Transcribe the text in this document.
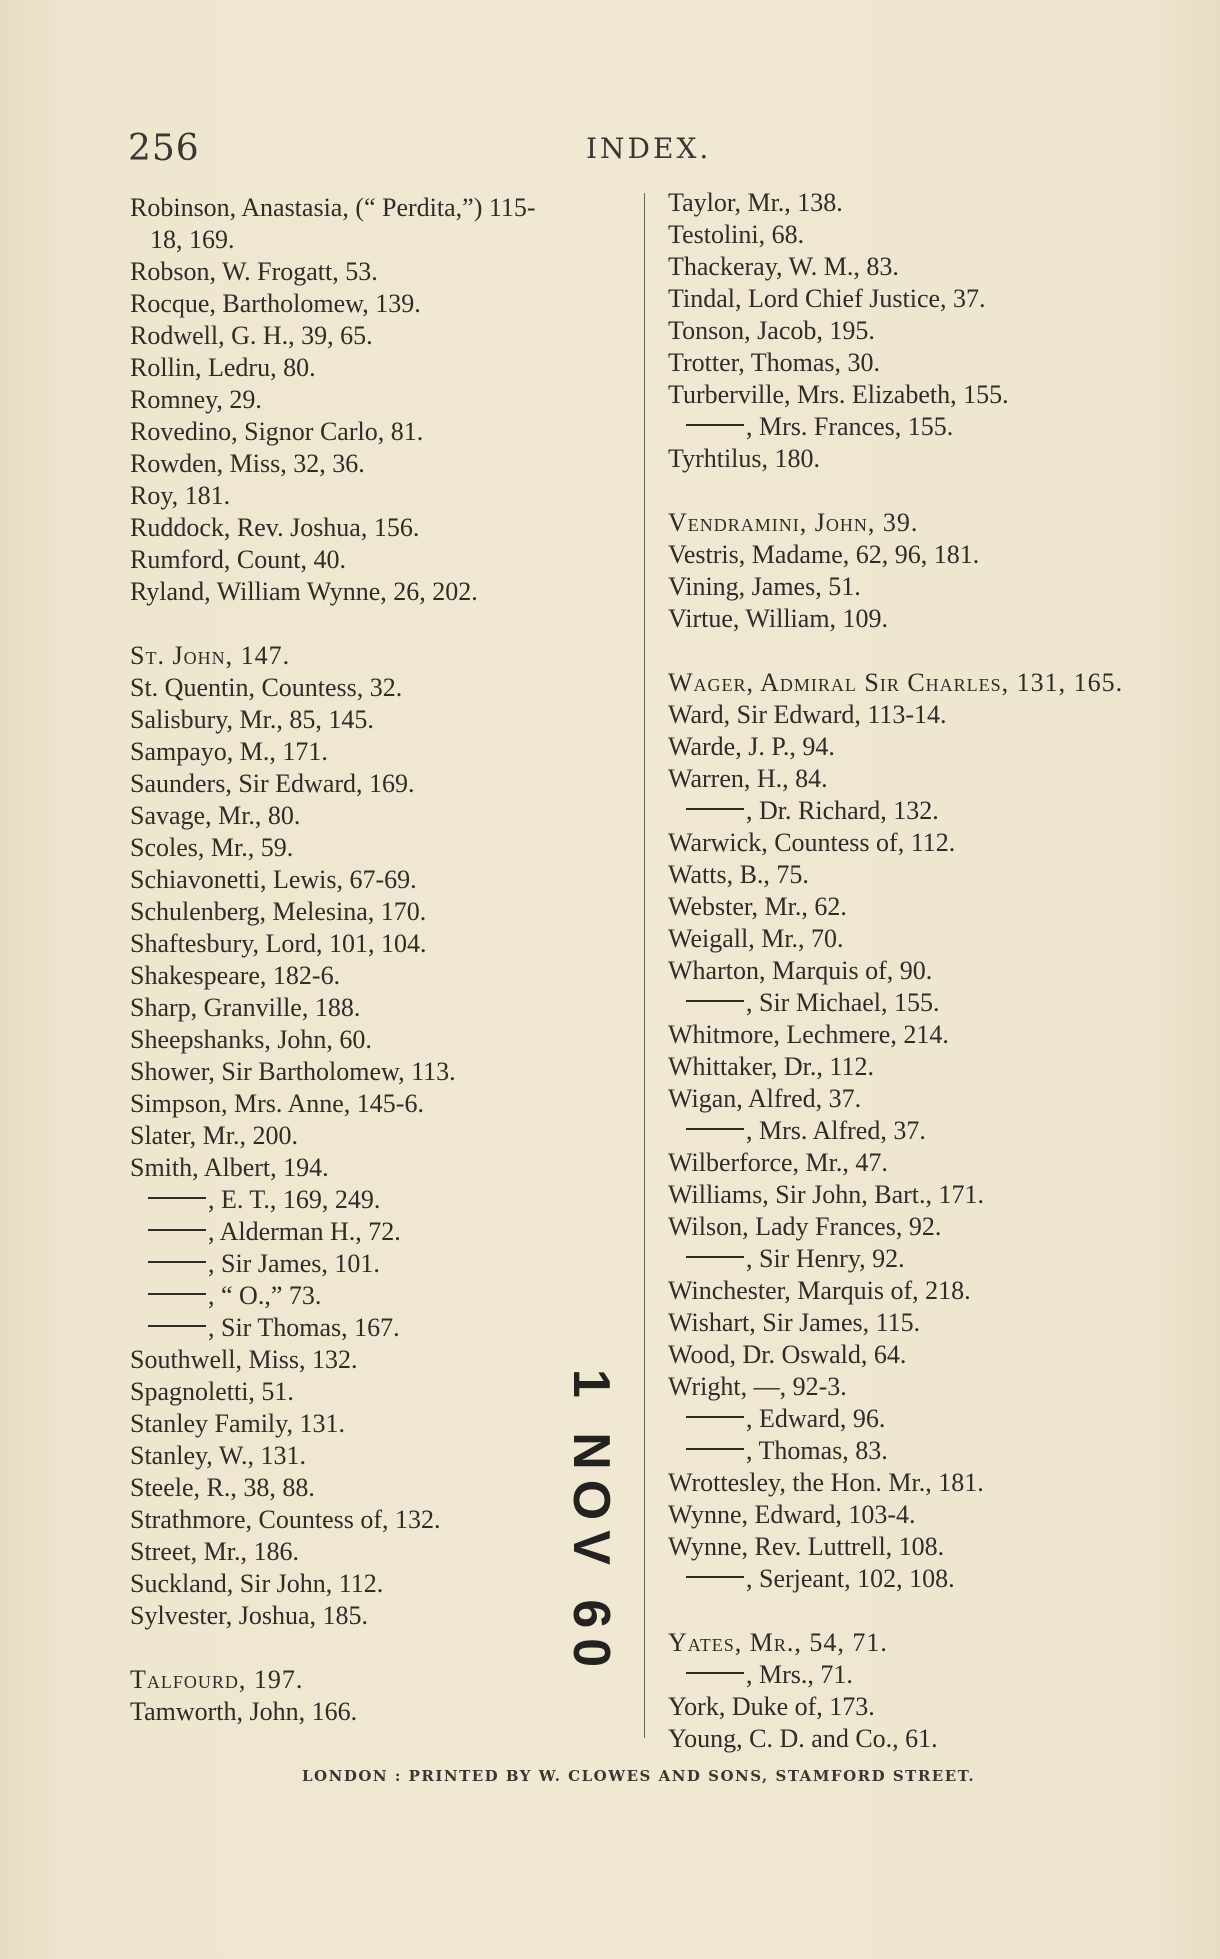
256	INDEX.
Robinson, Anastasia, (“ Perdita,”) 115-
18, 169.
Robson, W. Frogatt, 53.
Rocque, Bartholomew, 139.
Rodwell, G. H., 39, 65.
Rollin, Ledru, 80.
Romney, 29.
Rovedino, Signor Carlo, 81.
Rowden, Miss, 32, 36.
Roy, 181.
Ruddock, Rev. Joshua, 156.
Rumford, Count, 40.
Ryland, William Wynne, 26, 202.
St. John, 147.
St. Quentin, Countess, 32.
Salisbury, Mr., 85, 145.
Sampayo, M., 171.
Saunders, Sir Edward, 169.
Savage, Mr., 80.
Scoles, Mr., 59.
Schiavonetti, Lewis, 67-69.
Schulenberg, Melesina, 170.
Shaftesbury, Lord, 101, 104.
Shakespeare, 182-6.
Sharp, Granville, 188.
Sheepshanks, John, 60.
Shower, Sir Bartholomew, 113.
Simpson, Mrs. Anne, 145-6.
Slater, Mr., 200.
Smith, Albert, 194.
, E. T., 169, 249.
, Alderman H., 72.
, Sir James, 101.
, “ O.,” 73.
, Sir Thomas, 167.
Southwell, Miss, 132.
Spagnoletti, 51.
Stanley Family, 131.
Stanley, W., 131.
Steele, R., 38, 88.
Strathmore, Countess of, 132.
Street, Mr., 186.
Suckland, Sir John, 112.
Sylvester, Joshua, 185.
Talfourd, 197.
Tamworth, John, 166.
Taylor, Mr., 138.
Testolini, 68.
Thackeray, W. M., 83.
Tindal, Lord Chief Justice, 37.
Tonson, Jacob, 195.
Trotter, Thomas, 30.
Turberville, Mrs. Elizabeth, 155.
, Mrs. Frances, 155.
Tyrhtilus, 180.
Vendramini, John, 39.
Vestris, Madame, 62, 96, 181.
Vining, James, 51.
Virtue, William, 109.
Wager, Admiral Sir Charles, 131, 165.
Ward, Sir Edward, 113-14.
Warde, J. P., 94.
Warren, H., 84.
, Dr. Richard, 132.
Warwick, Countess of, 112.
Watts, B., 75.
Webster, Mr., 62.
Weigall, Mr., 70.
Wharton, Marquis of, 90.
, Sir Michael, 155.
Whitmore, Lechmere, 214.
Whittaker, Dr., 112.
Wigan, Alfred, 37.
, Mrs. Alfred, 37.
Wilberforce, Mr., 47.
Williams, Sir John, Bart., 171.
Wilson, Lady Frances, 92.
, Sir Henry, 92.
Winchester, Marquis of, 218.
Wishart, Sir James, 115.
Wood, Dr. Oswald, 64.
Wright, —, 92-3.
, Edward, 96.
, Thomas, 83.
Wrottesley, the Hon. Mr., 181.
Wynne, Edward, 103-4.
Wynne, Rev. Luttrell, 108.
, Serjeant, 102, 108.
Yates, Mr., 54, 71.
, Mrs., 71.
York, Duke of, 173.
Young, C. D. and Co., 61.
1 NOV 60
LONDON : PRINTED BY W. CLOWES AND SONS, STAMFORD STREET.
